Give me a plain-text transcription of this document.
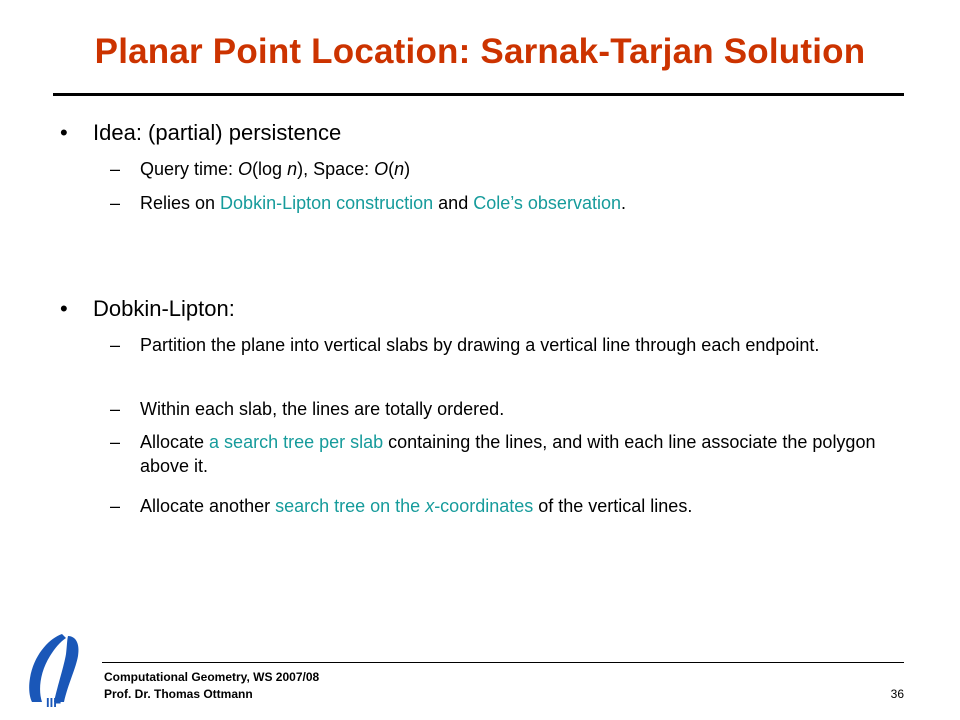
Planar Point Location: Sarnak-Tarjan Solution
• Idea: (partial) persistence
– Query time: O(log n), Space: O(n)
– Relies on Dobkin-Lipton construction and Cole’s observation.
• Dobkin-Lipton:
– Partition the plane into vertical slabs by drawing a vertical line through each endpoint.
– Within each slab, the lines are totally ordered.
– Allocate a search tree per slab containing the lines, and with each line associate the polygon above it.
– Allocate another search tree on the x-coordinates of the vertical lines.
IIF
Computational Geometry, WS 2007/08
Prof. Dr. Thomas Ottmann	36
